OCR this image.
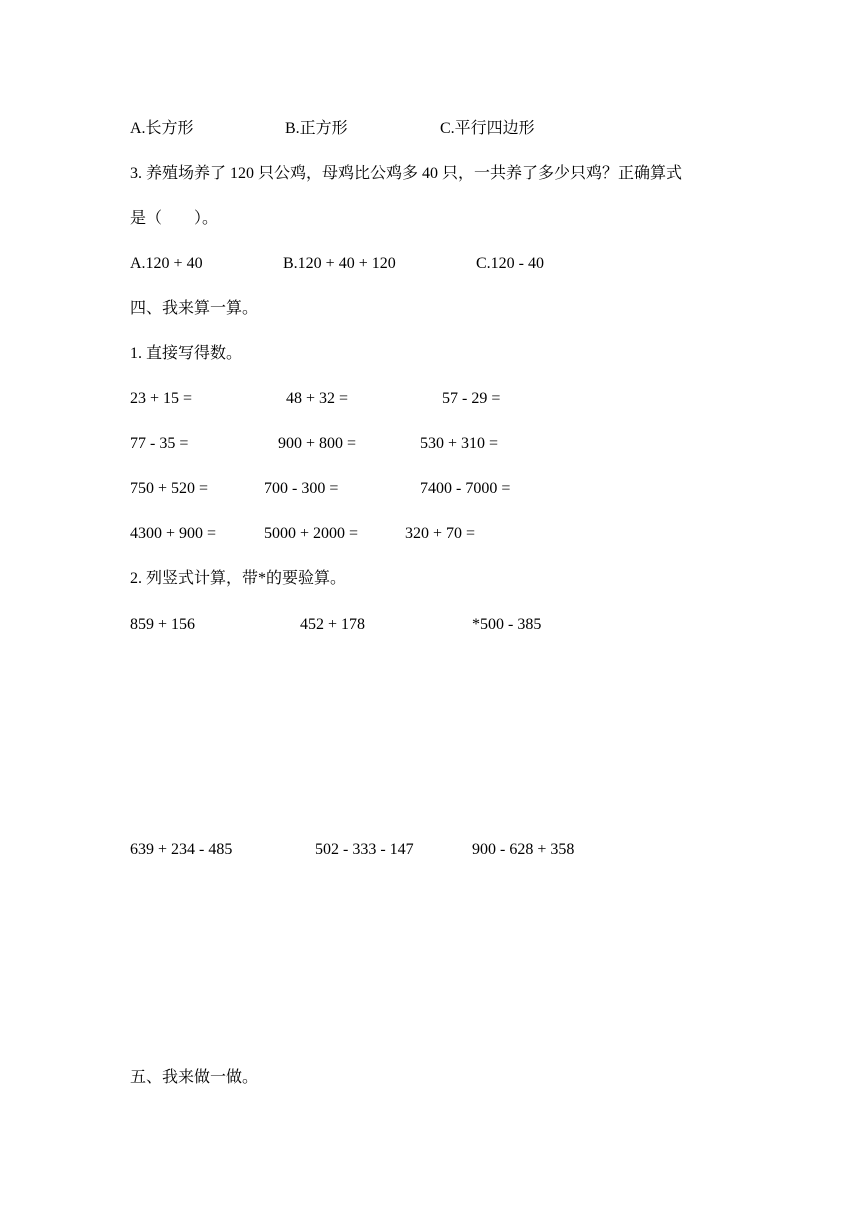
A.长方形	B.正方形	C.平行四边形
3. 养殖场养了 120 只公鸡，母鸡比公鸡多 40 只，一共养了多少只鸡？正确算式
是（　　）。
A.120 + 40	B.120 + 40 + 120	C.120 - 40
四、我来算一算。
1. 直接写得数。
23 + 15 =	48 + 32 =	57 - 29 =
77 - 35 =	900 + 800 =	530 + 310 =
750 + 520 =	700 - 300 =	7400 - 7000 =
4300 + 900 =	5000 + 2000 =	320 + 70 =
2. 列竖式计算，带*的要验算。
859 + 156	452 + 178	*500 - 385
639 + 234 - 485	502 - 333 - 147	900 - 628 + 358
五、我来做一做。
